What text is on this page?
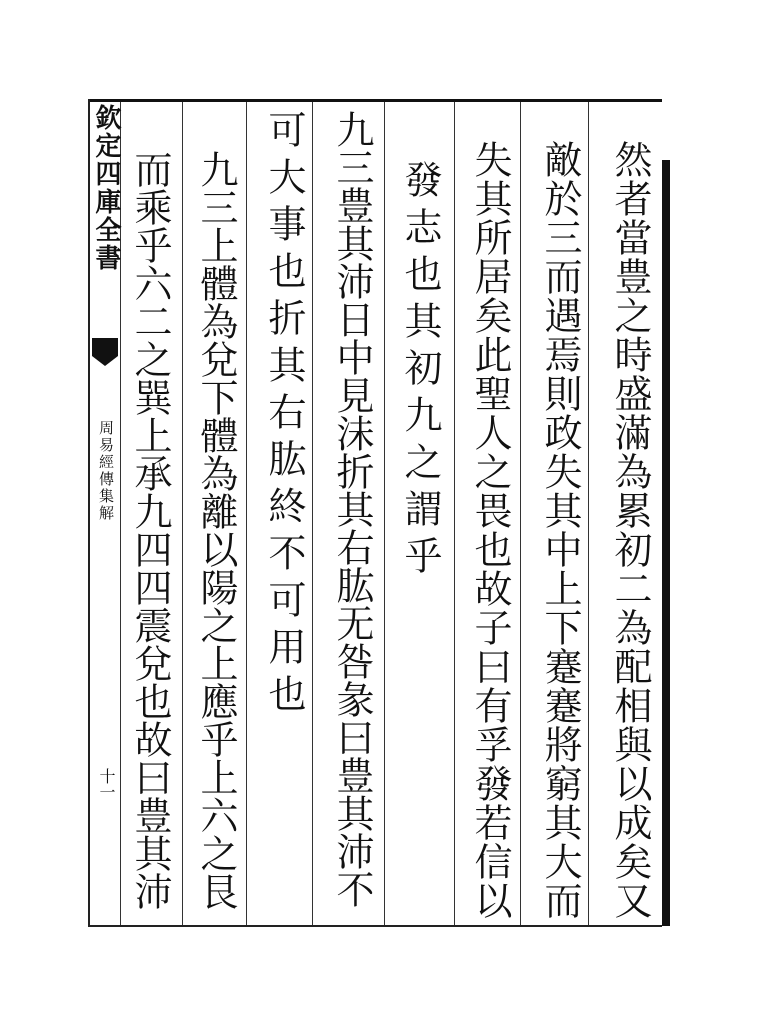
欽定四庫全書
周易經傳集解
十一	然者當豊之時盛滿為累初二為配相與以成矣又
敵於三而遇焉則政失其中上下蹇蹇將窮其大而
失其所居矣此聖人之畏也故子曰有孚發若信以
發志也其初九之謂乎
九三豊其沛日中見沬折其右肱无咎彖曰豊其沛不
可大事也折其右肱終不可用也
九三上體為兌下體為離以陽之上應乎上六之艮
而乘乎六二之巽上承九四四震兌也故曰豊其沛
